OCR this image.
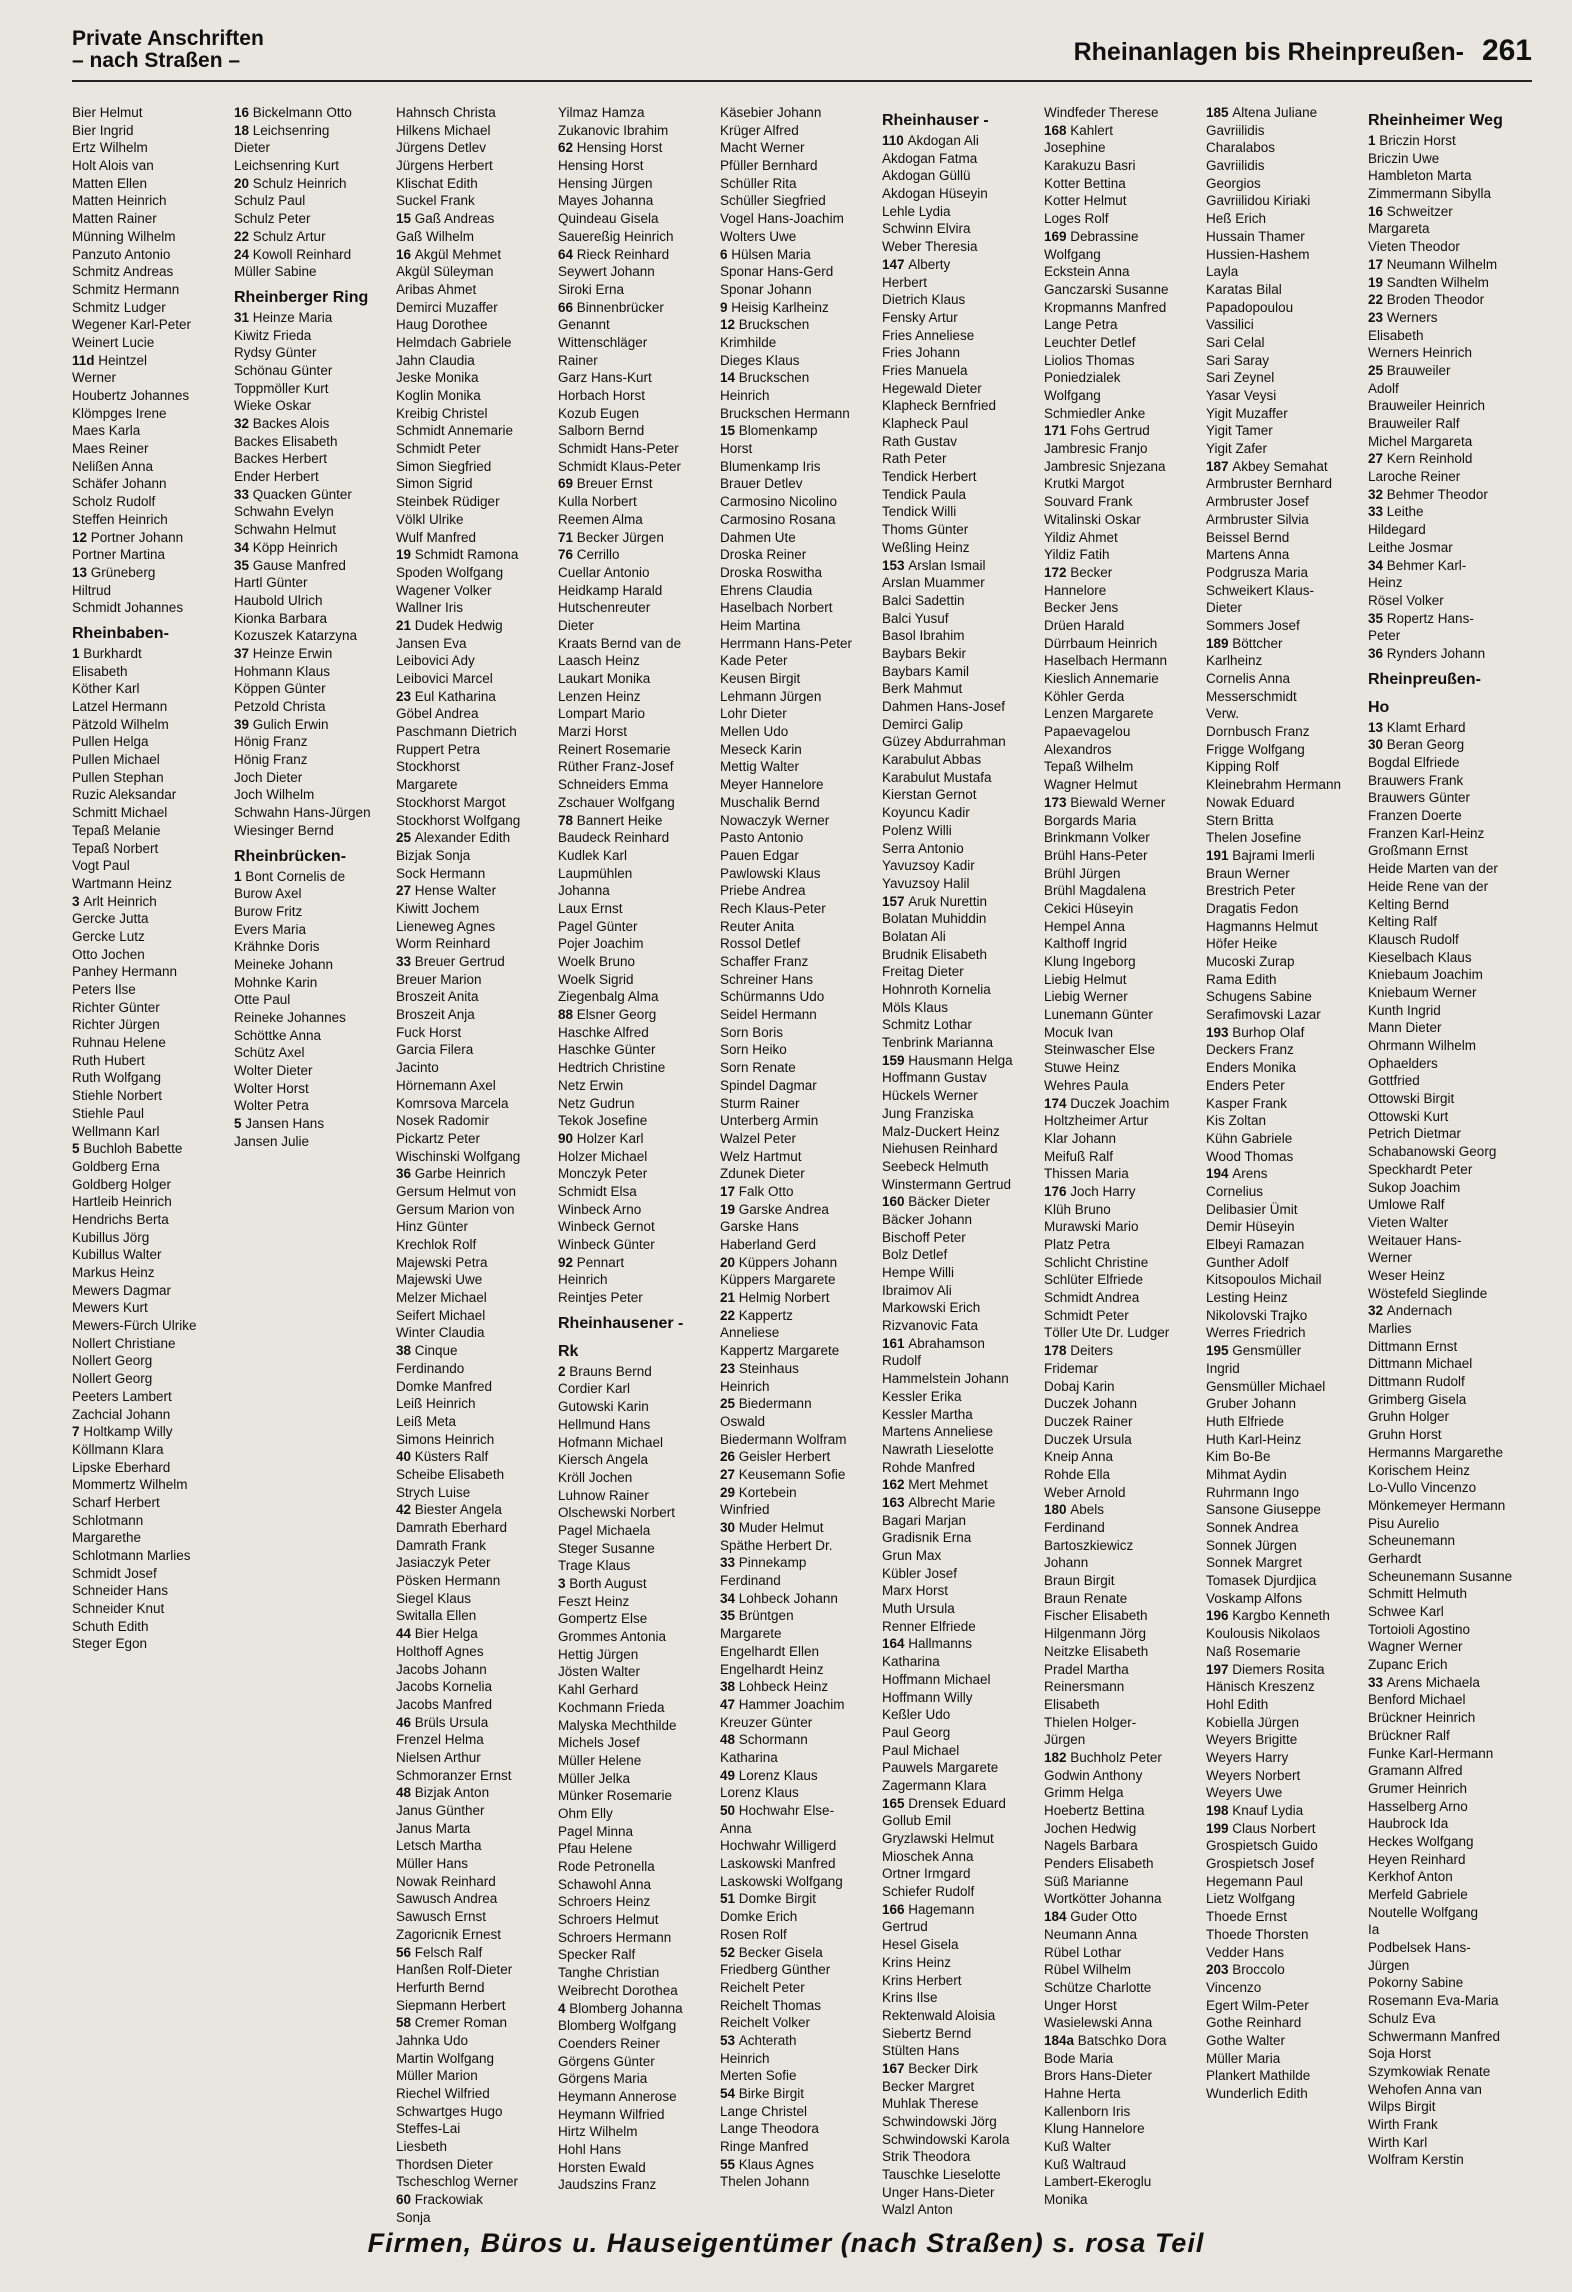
Private Anschriften
– nach Straßen –	Rheinanlagen bis Rheinpreußen- 261
Bier Helmut
Bier Ingrid
Ertz Wilhelm
Holt Alois van
Matten Ellen
Matten Heinrich
Matten Rainer
Münning Wilhelm
Panzuto Antonio
Schmitz Andreas
Schmitz Hermann
Schmitz Ludger
Wegener Karl-Peter
Weinert Lucie
11d Heintzel
Werner
Houbertz Johannes
Klömpges Irene
Maes Karla
Maes Reiner
Nelißen Anna
Schäfer Johann
Scholz Rudolf
Steffen Heinrich
12 Portner Johann
Portner Martina
13 Grüneberg
Hiltrud
Schmidt Johannes
Rheinbaben-
1 Burkhardt
Elisabeth
Köther Karl
Latzel Hermann
Pätzold Wilhelm
Pullen Helga
Pullen Michael
Pullen Stephan
Ruzic Aleksandar
Schmitt Michael
Tepaß Melanie
Tepaß Norbert
Vogt Paul
Wartmann Heinz
3 Arlt Heinrich
Gercke Jutta
Gercke Lutz
Otto Jochen
Panhey Hermann
Peters Ilse
Richter Günter
Richter Jürgen
Ruhnau Helene
Ruth Hubert
Ruth Wolfgang
Stiehle Norbert
Stiehle Paul
Wellmann Karl
5 Buchloh Babette
Goldberg Erna
Goldberg Holger
Hartleib Heinrich
Hendrichs Berta
Kubillus Jörg
Kubillus Walter
Markus Heinz
Mewers Dagmar
Mewers Kurt
Mewers-Fürch Ulrike
Nollert Christiane
Nollert Georg
Nollert Georg
Peeters Lambert
Zachcial Johann
7 Holtkamp Willy
Köllmann Klara
Lipske Eberhard
Mommertz Wilhelm
Scharf Herbert
Schlotmann
Margarethe
Schlotmann Marlies
Schmidt Josef
Schneider Hans
Schneider Knut
Schuth Edith
Steger Egon
16 Bickelmann Otto
18 Leichsenring
Dieter
Leichsenring Kurt
20 Schulz Heinrich
Schulz Paul
Schulz Peter
22 Schulz Artur
24 Kowoll Reinhard
Müller Sabine
Rheinberger Ring
31 Heinze Maria
Kiwitz Frieda
Rydsy Günter
Schönau Günter
Toppmöller Kurt
Wieke Oskar
32 Backes Alois
Backes Elisabeth
Backes Herbert
Ender Herbert
33 Quacken Günter
Schwahn Evelyn
Schwahn Helmut
34 Köpp Heinrich
35 Gause Manfred
Hartl Günter
Haubold Ulrich
Kionka Barbara
Kozuszek Katarzyna
37 Heinze Erwin
Hohmann Klaus
Köppen Günter
Petzold Christa
39 Gulich Erwin
Hönig Franz
Hönig Franz
Joch Dieter
Joch Wilhelm
Schwahn Hans-Jürgen
Wiesinger Bernd
Rheinbrücken-
1 Bont Cornelis de
Burow Axel
Burow Fritz
Evers Maria
Krähnke Doris
Meineke Johann
Mohnke Karin
Otte Paul
Reineke Johannes
Schöttke Anna
Schütz Axel
Wolter Dieter
Wolter Horst
Wolter Petra
5 Jansen Hans
Jansen Julie
Hahnsch Christa
Hilkens Michael
Jürgens Detlev
Jürgens Herbert
Klischat Edith
Suckel Frank
15 Gaß Andreas
Gaß Wilhelm
16 Akgül Mehmet
Akgül Süleyman
Aribas Ahmet
Demirci Muzaffer
Haug Dorothee
Helmdach Gabriele
Jahn Claudia
Jeske Monika
Koglin Monika
Kreibig Christel
Schmidt Annemarie
Schmidt Peter
Simon Siegfried
Simon Sigrid
Steinbek Rüdiger
Völkl Ulrike
Wulf Manfred
19 Schmidt Ramona
Spoden Wolfgang
Wagener Volker
Wallner Iris
21 Dudek Hedwig
Jansen Eva
Leibovici Ady
Leibovici Marcel
23 Eul Katharina
Göbel Andrea
Paschmann Dietrich
Ruppert Petra
Stockhorst
Margarete
Stockhorst Margot
Stockhorst Wolfgang
25 Alexander Edith
Bizjak Sonja
Sock Hermann
27 Hense Walter
Kiwitt Jochem
Lieneweg Agnes
Worm Reinhard
33 Breuer Gertrud
Breuer Marion
Broszeit Anita
Broszeit Anja
Fuck Horst
Garcia Filera
Jacinto
Hörnemann Axel
Komrsova Marcela
Nosek Radomir
Pickartz Peter
Wischinski Wolfgang
36 Garbe Heinrich
Gersum Helmut von
Gersum Marion von
Hinz Günter
Krechlok Rolf
Majewski Petra
Majewski Uwe
Melzer Michael
Seifert Michael
Winter Claudia
38 Cinque
Ferdinando
Domke Manfred
Leiß Heinrich
Leiß Meta
Simons Heinrich
40 Küsters Ralf
Scheibe Elisabeth
Strych Luise
42 Biester Angela
Damrath Eberhard
Damrath Frank
Jasiaczyk Peter
Pösken Hermann
Siegel Klaus
Switalla Ellen
44 Bier Helga
Holthoff Agnes
Jacobs Johann
Jacobs Kornelia
Jacobs Manfred
46 Brüls Ursula
Frenzel Helma
Nielsen Arthur
Schmoranzer Ernst
48 Bizjak Anton
Janus Günther
Janus Marta
Letsch Martha
Müller Hans
Nowak Reinhard
Sawusch Andrea
Sawusch Ernst
Zagoricnik Ernest
56 Felsch Ralf
Hanßen Rolf-Dieter
Herfurth Bernd
Siepmann Herbert
58 Cremer Roman
Jahnka Udo
Martin Wolfgang
Müller Marion
Riechel Wilfried
Schwartges Hugo
Steffes-Lai
Liesbeth
Thordsen Dieter
Tscheschlog Werner
60 Frackowiak
Sonja
Yilmaz Hamza
Zukanovic Ibrahim
62 Hensing Horst
Hensing Horst
Hensing Jürgen
Mayes Johanna
Quindeau Gisela
Sauereßig Heinrich
64 Rieck Reinhard
Seywert Johann
Siroki Erna
66 Binnenbrücker
Genannt
Wittenschläger
Rainer
Garz Hans-Kurt
Horbach Horst
Kozub Eugen
Salborn Bernd
Schmidt Hans-Peter
Schmidt Klaus-Peter
69 Breuer Ernst
Kulla Norbert
Reemen Alma
71 Becker Jürgen
76 Cerrillo
Cuellar Antonio
Heidkamp Harald
Hutschenreuter
Dieter
Kraats Bernd van de
Laasch Heinz
Laukart Monika
Lenzen Heinz
Lompart Mario
Marzi Horst
Reinert Rosemarie
Rüther Franz-Josef
Schneiders Emma
Zschauer Wolfgang
78 Bannert Heike
Baudeck Reinhard
Kudlek Karl
Laupmühlen
Johanna
Laux Ernst
Pagel Günter
Pojer Joachim
Woelk Bruno
Woelk Sigrid
Ziegenbalg Alma
88 Elsner Georg
Haschke Alfred
Haschke Günter
Hedtrich Christine
Netz Erwin
Netz Gudrun
Tekok Josefine
90 Holzer Karl
Holzer Michael
Monczyk Peter
Schmidt Elsa
Winbeck Arno
Winbeck Gernot
Winbeck Günter
92 Pennart
Heinrich
Reintjes Peter
Rheinhausener -
Rk
2 Brauns Bernd
Cordier Karl
Gutowski Karin
Hellmund Hans
Hofmann Michael
Kiersch Angela
Kröll Jochen
Luhnow Rainer
Olschewski Norbert
Pagel Michaela
Steger Susanne
Trage Klaus
3 Borth August
Feszt Heinz
Gompertz Else
Grommes Antonia
Hettig Jürgen
Jösten Walter
Kahl Gerhard
Kochmann Frieda
Malyska Mechthilde
Michels Josef
Müller Helene
Müller Jelka
Münker Rosemarie
Ohm Elly
Pagel Minna
Pfau Helene
Rode Petronella
Schawohl Anna
Schroers Heinz
Schroers Helmut
Schroers Hermann
Specker Ralf
Tanghe Christian
Weibrecht Dorothea
4 Blomberg Johanna
Blomberg Wolfgang
Coenders Reiner
Görgens Günter
Görgens Maria
Heymann Annerose
Heymann Wilfried
Hirtz Wilhelm
Hohl Hans
Horsten Ewald
Jaudszins Franz
Käsebier Johann
Krüger Alfred
Macht Werner
Pfüller Bernhard
Schüller Rita
Schüller Siegfried
Vogel Hans-Joachim
Wolters Uwe
6 Hülsen Maria
Sponar Hans-Gerd
Sponar Johann
9 Heisig Karlheinz
12 Bruckschen
Krimhilde
Dieges Klaus
14 Bruckschen
Heinrich
Bruckschen Hermann
15 Blomenkamp
Horst
Blumenkamp Iris
Brauer Detlev
Carmosino Nicolino
Carmosino Rosana
Dahmen Ute
Droska Reiner
Droska Roswitha
Ehrens Claudia
Haselbach Norbert
Heim Martina
Herrmann Hans-Peter
Kade Peter
Keusen Birgit
Lehmann Jürgen
Lohr Dieter
Mellen Udo
Meseck Karin
Mettig Walter
Meyer Hannelore
Muschalik Bernd
Nowaczyk Werner
Pasto Antonio
Pauen Edgar
Pawlowski Klaus
Priebe Andrea
Rech Klaus-Peter
Reuter Anita
Rossol Detlef
Schaffer Franz
Schreiner Hans
Schürmanns Udo
Seidel Hermann
Sorn Boris
Sorn Heiko
Sorn Renate
Spindel Dagmar
Sturm Rainer
Unterberg Armin
Walzel Peter
Welz Hartmut
Zdunek Dieter
17 Falk Otto
19 Garske Andrea
Garske Hans
Haberland Gerd
20 Küppers Johann
Küppers Margarete
21 Helmig Norbert
22 Kappertz
Anneliese
Kappertz Margarete
23 Steinhaus
Heinrich
25 Biedermann
Oswald
Biedermann Wolfram
26 Geisler Herbert
27 Keusemann Sofie
29 Kortebein
Winfried
30 Muder Helmut
Späthe Herbert Dr.
33 Pinnekamp
Ferdinand
34 Lohbeck Johann
35 Brüntgen
Margarete
Engelhardt Ellen
Engelhardt Heinz
38 Lohbeck Heinz
47 Hammer Joachim
Kreuzer Günter
48 Schormann
Katharina
49 Lorenz Klaus
Lorenz Klaus
50 Hochwahr Else-
Anna
Hochwahr Willigerd
Laskowski Manfred
Laskowski Wolfgang
51 Domke Birgit
Domke Erich
Rosen Rolf
52 Becker Gisela
Friedberg Günther
Reichelt Peter
Reichelt Thomas
Reichelt Volker
53 Achterath
Heinrich
Merten Sofie
54 Birke Birgit
Lange Christel
Lange Theodora
Ringe Manfred
55 Klaus Agnes
Thelen Johann
Rheinhauser -
110 Akdogan Ali
Akdogan Fatma
Akdogan Güllü
Akdogan Hüseyin
Lehle Lydia
Schwinn Elvira
Weber Theresia
147 Alberty
Herbert
Dietrich Klaus
Fensky Artur
Fries Anneliese
Fries Johann
Fries Manuela
Hegewald Dieter
Klapheck Bernfried
Klapheck Paul
Rath Gustav
Rath Peter
Tendick Herbert
Tendick Paula
Tendick Willi
Thoms Günter
Weßling Heinz
153 Arslan Ismail
Arslan Muammer
Balci Sadettin
Balci Yusuf
Basol Ibrahim
Baybars Bekir
Baybars Kamil
Berk Mahmut
Dahmen Hans-Josef
Demirci Galip
Güzey Abdurrahman
Karabulut Abbas
Karabulut Mustafa
Kierstan Gernot
Koyuncu Kadir
Polenz Willi
Serra Antonio
Yavuzsoy Kadir
Yavuzsoy Halil
157 Aruk Nurettin
Bolatan Muhiddin
Bolatan Ali
Brudnik Elisabeth
Freitag Dieter
Hohnroth Kornelia
Möls Klaus
Schmitz Lothar
Tenbrink Marianna
159 Hausmann Helga
Hoffmann Gustav
Hückels Werner
Jung Franziska
Malz-Duckert Heinz
Niehusen Reinhard
Seebeck Helmuth
Winstermann Gertrud
160 Bäcker Dieter
Bäcker Johann
Bischoff Peter
Bolz Detlef
Hempe Willi
Ibraimov Ali
Markowski Erich
Rizvanovic Fata
161 Abrahamson
Rudolf
Hammelstein Johann
Kessler Erika
Kessler Martha
Martens Anneliese
Nawrath Lieselotte
Rohde Manfred
162 Mert Mehmet
163 Albrecht Marie
Bagari Marjan
Gradisnik Erna
Grun Max
Kübler Josef
Marx Horst
Muth Ursula
Renner Elfriede
164 Hallmanns
Katharina
Hoffmann Michael
Hoffmann Willy
Keßler Udo
Paul Georg
Paul Michael
Pauwels Margarete
Zagermann Klara
165 Drensek Eduard
Gollub Emil
Gryzlawski Helmut
Mioschek Anna
Ortner Irmgard
Schiefer Rudolf
166 Hagemann
Gertrud
Hesel Gisela
Krins Heinz
Krins Herbert
Krins Ilse
Rektenwald Aloisia
Siebertz Bernd
Stülten Hans
167 Becker Dirk
Becker Margret
Muhlak Therese
Schwindowski Jörg
Schwindowski Karola
Strik Theodora
Tauschke Lieselotte
Unger Hans-Dieter
Walzl Anton
Windfeder Therese
168 Kahlert
Josephine
Karakuzu Basri
Kotter Bettina
Kotter Helmut
Loges Rolf
169 Debrassine
Wolfgang
Eckstein Anna
Ganczarski Susanne
Kropmanns Manfred
Lange Petra
Leuchter Detlef
Liolios Thomas
Poniedzialek
Wolfgang
Schmiedler Anke
171 Fohs Gertrud
Jambresic Franjo
Jambresic Snjezana
Krutki Margot
Souvard Frank
Witalinski Oskar
Yildiz Ahmet
Yildiz Fatih
172 Becker
Hannelore
Becker Jens
Drüen Harald
Dürrbaum Heinrich
Haselbach Hermann
Kieslich Annemarie
Köhler Gerda
Lenzen Margarete
Papaevagelou
Alexandros
Tepaß Wilhelm
Wagner Helmut
173 Biewald Werner
Borgards Maria
Brinkmann Volker
Brühl Hans-Peter
Brühl Jürgen
Brühl Magdalena
Cekici Hüseyin
Hempel Anna
Kalthoff Ingrid
Klung Ingeborg
Liebig Helmut
Liebig Werner
Lunemann Günter
Mocuk Ivan
Steinwascher Else
Stuwe Heinz
Wehres Paula
174 Duczek Joachim
Holtzheimer Artur
Klar Johann
Meifuß Ralf
Thissen Maria
176 Joch Harry
Klüh Bruno
Murawski Mario
Platz Petra
Schlicht Christine
Schlüter Elfriede
Schmidt Andrea
Schmidt Peter
Töller Ute Dr. Ludger
178 Deiters
Fridemar
Dobaj Karin
Duczek Johann
Duczek Rainer
Duczek Ursula
Kneip Anna
Rohde Ella
Weber Arnold
180 Abels
Ferdinand
Bartoszkiewicz
Johann
Braun Birgit
Braun Renate
Fischer Elisabeth
Hilgenmann Jörg
Neitzke Elisabeth
Pradel Martha
Reinersmann
Elisabeth
Thielen Holger-
Jürgen
182 Buchholz Peter
Godwin Anthony
Grimm Helga
Hoebertz Bettina
Jochen Hedwig
Nagels Barbara
Penders Elisabeth
Süß Marianne
Wortkötter Johanna
184 Guder Otto
Neumann Anna
Rübel Lothar
Rübel Wilhelm
Schütze Charlotte
Unger Horst
Wasielewski Anna
184a Batschko Dora
Bode Maria
Brors Hans-Dieter
Hahne Herta
Kallenborn Iris
Klung Hannelore
Kuß Walter
Kuß Waltraud
Lambert-Ekeroglu
Monika
185 Altena Juliane
Gavriilidis
Charalabos
Gavriilidis
Georgios
Gavriilidou Kiriaki
Heß Erich
Hussain Thamer
Hussien-Hashem
Layla
Karatas Bilal
Papadopoulou
Vassilici
Sari Celal
Sari Saray
Sari Zeynel
Yasar Veysi
Yigit Muzaffer
Yigit Tamer
Yigit Zafer
187 Akbey Semahat
Armbruster Bernhard
Armbruster Josef
Armbruster Silvia
Beissel Bernd
Martens Anna
Podgrusza Maria
Schweikert Klaus-
Dieter
Sommers Josef
189 Böttcher
Karlheinz
Cornelis Anna
Messerschmidt
Verw.
Dornbusch Franz
Frigge Wolfgang
Kipping Rolf
Kleinebrahm Hermann
Nowak Eduard
Stern Britta
Thelen Josefine
191 Bajrami Imerli
Braun Werner
Brestrich Peter
Dragatis Fedon
Hagmanns Helmut
Höfer Heike
Mucoski Zurap
Rama Edith
Schugens Sabine
Serafimovski Lazar
193 Burhop Olaf
Deckers Franz
Enders Monika
Enders Peter
Kasper Frank
Kis Zoltan
Kühn Gabriele
Wood Thomas
194 Arens
Cornelius
Delibasier Ümit
Demir Hüseyin
Elbeyi Ramazan
Gunther Adolf
Kitsopoulos Michail
Lesting Heinz
Nikolovski Trajko
Werres Friedrich
195 Gensmüller
Ingrid
Gensmüller Michael
Gruber Johann
Huth Elfriede
Huth Karl-Heinz
Kim Bo-Be
Mihmat Aydin
Ruhrmann Ingo
Sansone Giuseppe
Sonnek Andrea
Sonnek Jürgen
Sonnek Margret
Tomasek Djurdjica
Voskamp Alfons
196 Kargbo Kenneth
Koulousis Nikolaos
Naß Rosemarie
197 Diemers Rosita
Hänisch Kreszenz
Hohl Edith
Kobiella Jürgen
Weyers Brigitte
Weyers Harry
Weyers Norbert
Weyers Uwe
198 Knauf Lydia
199 Claus Norbert
Grospietsch Guido
Grospietsch Josef
Hegemann Paul
Lietz Wolfgang
Thoede Ernst
Thoede Thorsten
Vedder Hans
203 Broccolo
Vincenzo
Egert Wilm-Peter
Gothe Reinhard
Gothe Walter
Müller Maria
Plankert Mathilde
Wunderlich Edith
Rheinheimer Weg
1 Briczin Horst
Briczin Uwe
Hambleton Marta
Zimmermann Sibylla
16 Schweitzer
Margareta
Vieten Theodor
17 Neumann Wilhelm
19 Sandten Wilhelm
22 Broden Theodor
23 Werners
Elisabeth
Werners Heinrich
25 Brauweiler
Adolf
Brauweiler Heinrich
Brauweiler Ralf
Michel Margareta
27 Kern Reinhold
Laroche Reiner
32 Behmer Theodor
33 Leithe
Hildegard
Leithe Josmar
34 Behmer Karl-
Heinz
Rösel Volker
35 Ropertz Hans-
Peter
36 Rynders Johann
Rheinpreußen-
Ho
13 Klamt Erhard
30 Beran Georg
Bogdal Elfriede
Brauwers Frank
Brauwers Günter
Franzen Doerte
Franzen Karl-Heinz
Großmann Ernst
Heide Marten van der
Heide Rene van der
Kelting Bernd
Kelting Ralf
Klausch Rudolf
Kieselbach Klaus
Kniebaum Joachim
Kniebaum Werner
Kunth Ingrid
Mann Dieter
Ohrmann Wilhelm
Ophaelders
Gottfried
Ottowski Birgit
Ottowski Kurt
Petrich Dietmar
Schabanowski Georg
Speckhardt Peter
Sukop Joachim
Umlowe Ralf
Vieten Walter
Weitauer Hans-
Werner
Weser Heinz
Wöstefeld Sieglinde
32 Andernach
Marlies
Dittmann Ernst
Dittmann Michael
Dittmann Rudolf
Grimberg Gisela
Gruhn Holger
Gruhn Horst
Hermanns Margarethe
Korischem Heinz
Lo-Vullo Vincenzo
Mönkemeyer Hermann
Pisu Aurelio
Scheunemann
Gerhardt
Scheunemann Susanne
Schmitt Helmuth
Schwee Karl
Tortoioli Agostino
Wagner Werner
Zupanc Erich
33 Arens Michaela
Benford Michael
Brückner Heinrich
Brückner Ralf
Funke Karl-Hermann
Gramann Alfred
Grumer Heinrich
Hasselberg Arno
Haubrock Ida
Heckes Wolfgang
Heyen Reinhard
Kerkhof Anton
Merfeld Gabriele
Noutelle Wolfgang
Ia
Podbelsek Hans-
Jürgen
Pokorny Sabine
Rosemann Eva-Maria
Schulz Eva
Schwermann Manfred
Soja Horst
Szymkowiak Renate
Wehofen Anna van
Wilps Birgit
Wirth Frank
Wirth Karl
Wolfram Kerstin
Firmen, Büros u. Hauseigentümer (nach Straßen) s. rosa Teil
